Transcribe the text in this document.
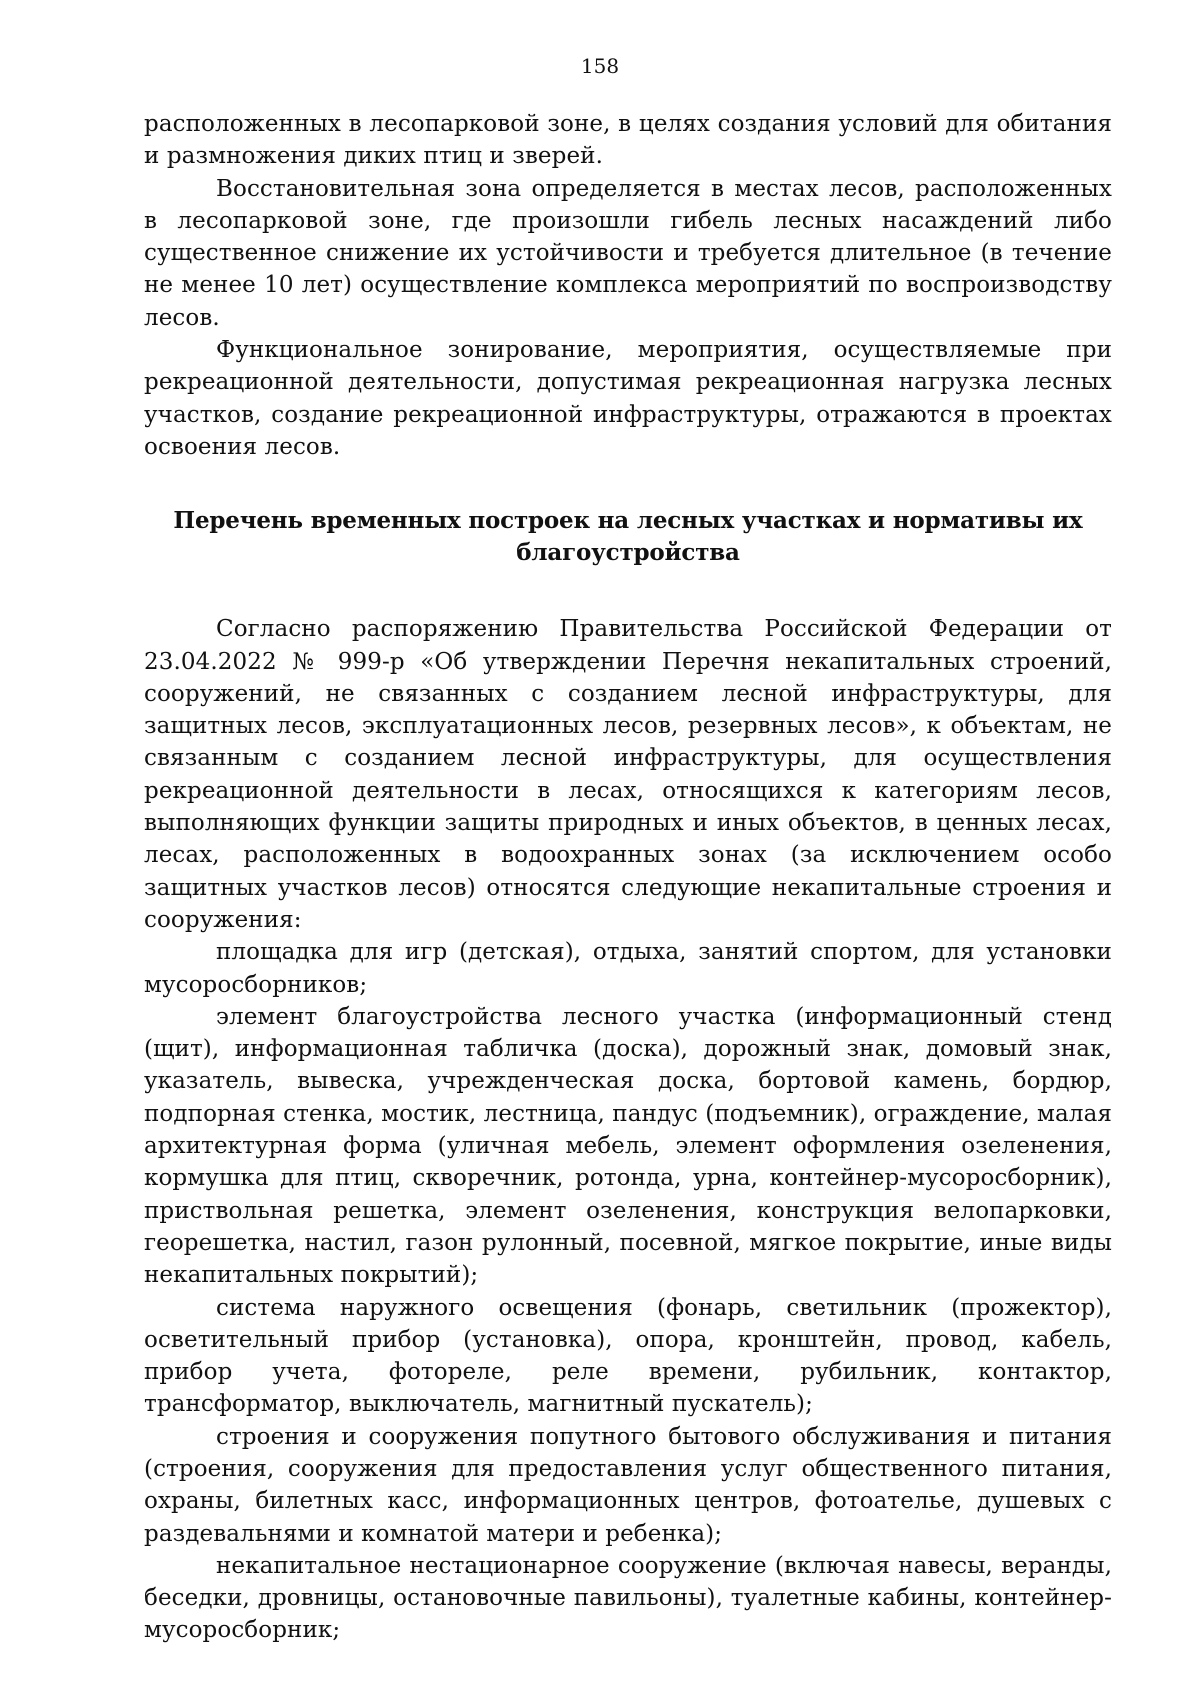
158

расположенных в лесопарковой зоне, в целях создания условий для обитания и размножения диких птиц и зверей.

Восстановительная зона определяется в местах лесов, расположенных в лесопарковой зоне, где произошли гибель лесных насаждений либо существенное снижение их устойчивости и требуется длительное (в течение не менее 10 лет) осуществление комплекса мероприятий по воспроизводству лесов.

Функциональное зонирование, мероприятия, осуществляемые при рекреационной деятельности, допустимая рекреационная нагрузка лесных участков, создание рекреационной инфраструктуры, отражаются в проектах освоения лесов.

Перечень временных построек на лесных участках и нормативы их
благоустройства

Согласно распоряжению Правительства Российской Федерации от 23.04.2022 № 999-р «Об утверждении Перечня некапитальных строений, сооружений, не связанных с созданием лесной инфраструктуры, для защитных лесов, эксплуатационных лесов, резервных лесов», к объектам, не связанным с созданием лесной инфраструктуры, для осуществления рекреационной деятельности в лесах, относящихся к категориям лесов, выполняющих функции защиты природных и иных объектов, в ценных лесах, лесах, расположенных в водоохранных зонах (за исключением особо защитных участков лесов) относятся следующие некапитальные строения и сооружения:

площадка для игр (детская), отдыха, занятий спортом, для установки мусоросборников;

элемент благоустройства лесного участка (информационный стенд (щит), информационная табличка (доска), дорожный знак, домовый знак, указатель, вывеска, учрежденческая доска, бортовой камень, бордюр, подпорная стенка, мостик, лестница, пандус (подъемник), ограждение, малая архитектурная форма (уличная мебель, элемент оформления озеленения, кормушка для птиц, скворечник, ротонда, урна, контейнер-мусоросборник), приствольная решетка, элемент озеленения, конструкция велопарковки, георешетка, настил, газон рулонный, посевной, мягкое покрытие, иные виды некапитальных покрытий);

система наружного освещения (фонарь, светильник (прожектор), осветительный прибор (установка), опора, кронштейн, провод, кабель, прибор учета, фотореле, реле времени, рубильник, контактор, трансформатор, выключатель, магнитный пускатель);

строения и сооружения попутного бытового обслуживания и питания (строения, сооружения для предоставления услуг общественного питания, охраны, билетных касс, информационных центров, фотоателье, душевых с раздевальнями и комнатой матери и ребенка);

некапитальное нестационарное сооружение (включая навесы, веранды, беседки, дровницы, остановочные павильоны), туалетные кабины, контейнер-мусоросборник;
